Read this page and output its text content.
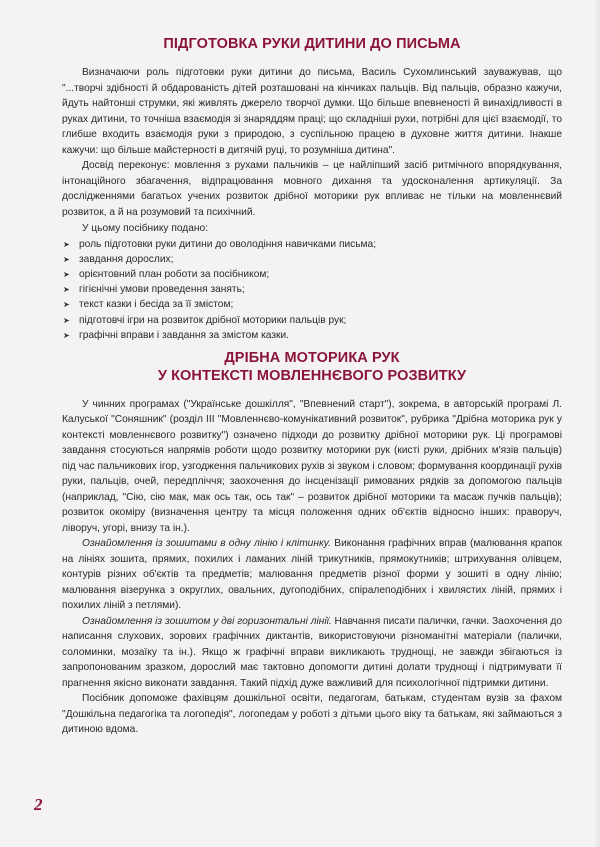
ПІДГОТОВКА РУКИ ДИТИНИ ДО ПИСЬМА

Визначаючи роль підготовки руки дитини до письма, Василь Сухомлинський зауважував, що "...творчі здібності й обдарованість дітей розташовані на кінчиках пальців. Від пальців, образно кажучи, йдуть найтонші струмки, які живлять джерело творчої думки. Що більше впевненості й винахідливості в руках дитини, то точніша взаємодія зі знаряддям праці; що складніші рухи, потрібні для цієї взаємодії, то глибше входить взаємодія руки з природою, з суспільною працею в духовне життя дитини. Інакше кажучи: що більше майстерності в дитячій руці, то розумніша дитина".

Досвід переконує: мовлення з рухами пальчиків – це найліпший засіб ритмічного впорядкування, інтонаційного збагачення, відпрацювання мовного дихання та удосконалення артикуляції. За дослідженнями багатьох учених розвиток дрібної моторики рук впливає не тільки на мовленнєвий розвиток, а й на розумовий та психічний.

У цьому посібнику подано:

➤ роль підготовки руки дитини до оволодіння навичками письма;
➤ завдання дорослих;
➤ орієнтовний план роботи за посібником;
➤ гігієнічні умови проведення занять;
➤ текст казки і бесіда за її змістом;
➤ підготовчі ігри на розвиток дрібної моторики пальців рук;
➤ графічні вправи і завдання за змістом казки.
ДРІБНА МОТОРИКА РУК
У КОНТЕКСТІ МОВЛЕННЄВОГО РОЗВИТКУ

У чинних програмах ("Українське дошкілля", "Впевнений старт"), зокрема, в авторській програмі Л. Калуської "Соняшник" (розділ III "Мовленнєво-комунікативний розвиток", рубрика "Дрібна моторика рук у контексті мовленнєвого розвитку") означено підходи до розвитку дрібної моторики рук. Ці програмові завдання стосуються напрямів роботи щодо розвитку моторики рук (кисті руки, дрібних м'язів пальців) під час пальчикових ігор, узгодження пальчикових рухів зі звуком і словом; формування координації рухів руки, пальців, очей, передпліччя; заохочення до інсценізації римованих рядків за допомогою пальців (наприклад, "Сію, сію мак, мак ось так, ось так" – розвиток дрібної моторики та масаж пучків пальців); розвиток окоміру (визначення центру та місця положення одних об'єктів відносно інших: праворуч, ліворуч, угорі, внизу та ін.).

Ознайомлення із зошитами в одну лінію і клітинку. Виконання графічних вправ (малювання крапок на лініях зошита, прямих, похилих і ламаних ліній трикутників, прямокутників; штрихування олівцем, контурів різних об'єктів та предметів; малювання предметів різної форми у зошиті в одну лінію; малювання візерунка з округлих, овальних, дугоподібних, спіралеподібних і хвилястих ліній, прямих і похилих ліній з петлями).

Ознайомлення із зошитом у дві горизонтальні лінії. Навчання писати палички, гачки. Заохочення до написання слухових, зорових графічних диктантів, використовуючи різноманітні матеріали (палички, соломинки, мозаїку та ін.). Якщо ж графічні вправи викликають труднощі, не завжди збігаються із запропонованим зразком, дорослий має тактовно допомогти дитині долати труднощі і підтримувати її прагнення якісно виконати завдання. Такий підхід дуже важливий для психологічної підтримки дитини.

Посібник допоможе фахівцям дошкільної освіти, педагогам, батькам, студентам вузів за фахом "Дошкільна педагогіка та логопедія", логопедам у роботі з дітьми цього віку та батькам, які займаються з дитиною вдома.

2
